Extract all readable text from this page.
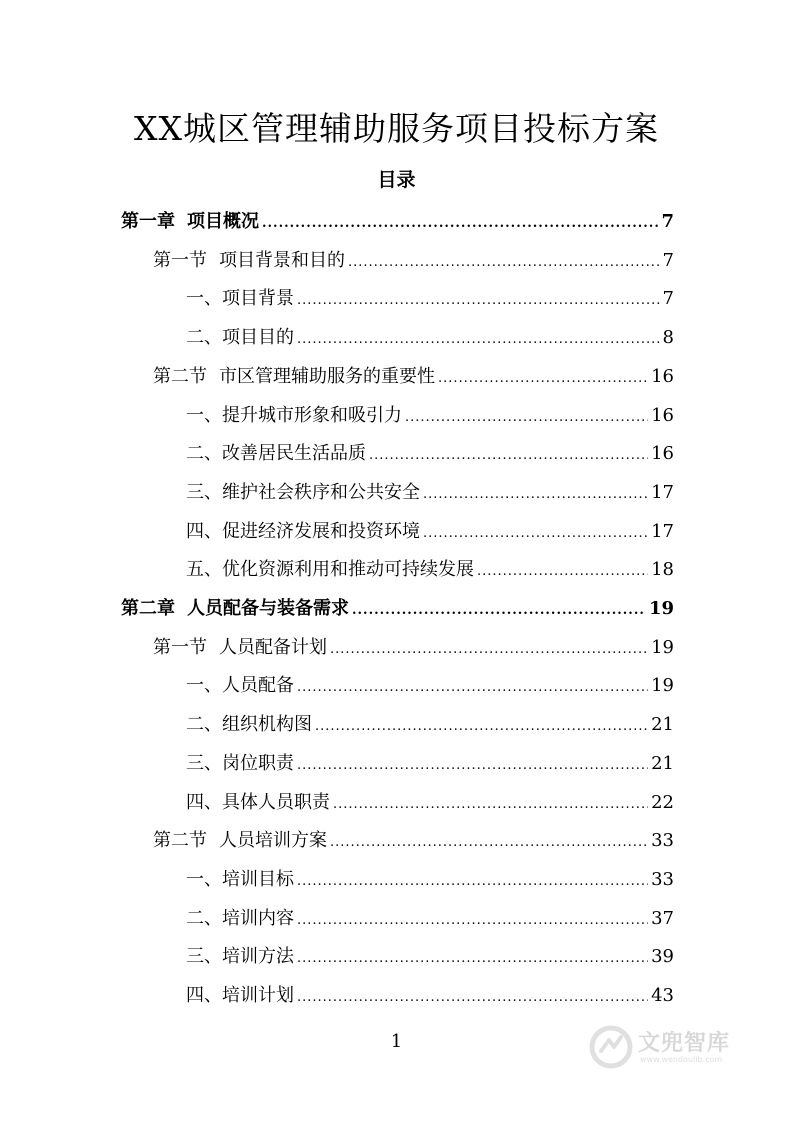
XX城区管理辅助服务项目投标方案
目录
第一章 项目概况 .....	7
第一节 项目背景和目的 .....	7
一、项目背景 .....	7
二、项目目的 .....	8
第二节 市区管理辅助服务的重要性 .....	16
一、提升城市形象和吸引力 .....	16
二、改善居民生活品质 .....	16
三、维护社会秩序和公共安全 .....	17
四、促进经济发展和投资环境 .....	17
五、优化资源利用和推动可持续发展 .....	18
第二章 人员配备与装备需求 .....	19
第一节 人员配备计划 .....	19
一、人员配备 .....	19
二、组织机构图 .....	21
三、岗位职责 .....	21
四、具体人员职责 .....	22
第二节 人员培训方案 .....	33
一、培训目标 .....	33
二、培训内容 .....	37
三、培训方法 .....	39
四、培训计划 .....	43
1	文兜智库
www.wendoulib.com
